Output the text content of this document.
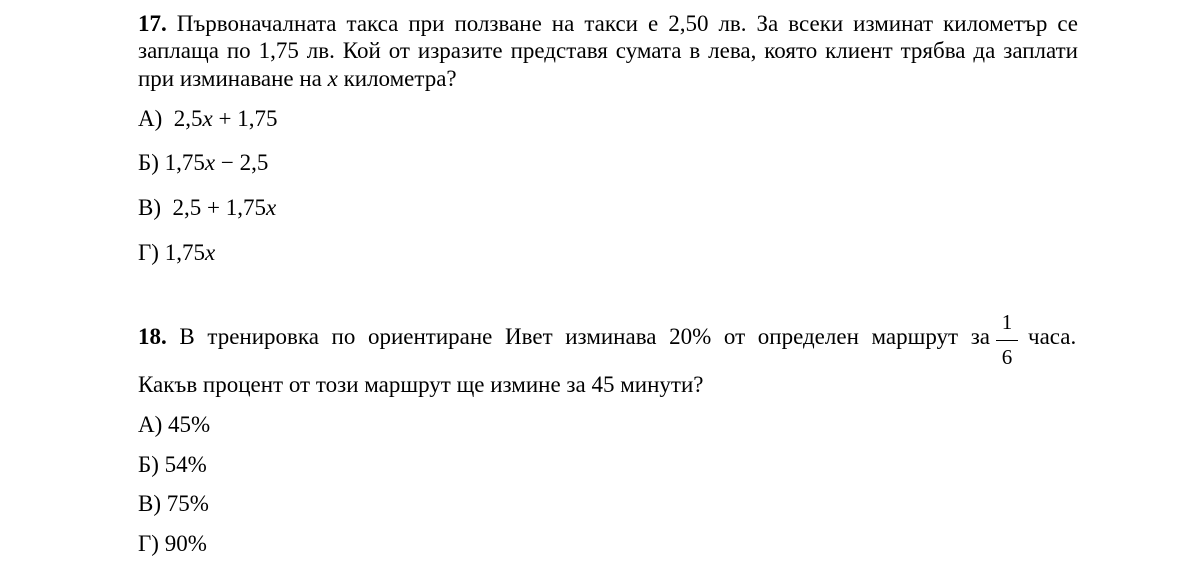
17. Първоначалната такса при ползване на такси е 2,50 лв. За всеки изминат километър се
заплаща по 1,75 лв. Кой от изразите представя сумата в лева, която клиент трябва да заплати
при изминаване на x километра?
А) 2,5x + 1,75
Б) 1,75x − 2,5
В) 2,5 + 1,75x
Г) 1,75x
18. В тренировка по ориентиране Ивет изминава 20% от определен маршрут за
1
6
часа.
Какъв процент от този маршрут ще измине за 45 минути?
А) 45%
Б) 54%
В) 75%
Г) 90%
